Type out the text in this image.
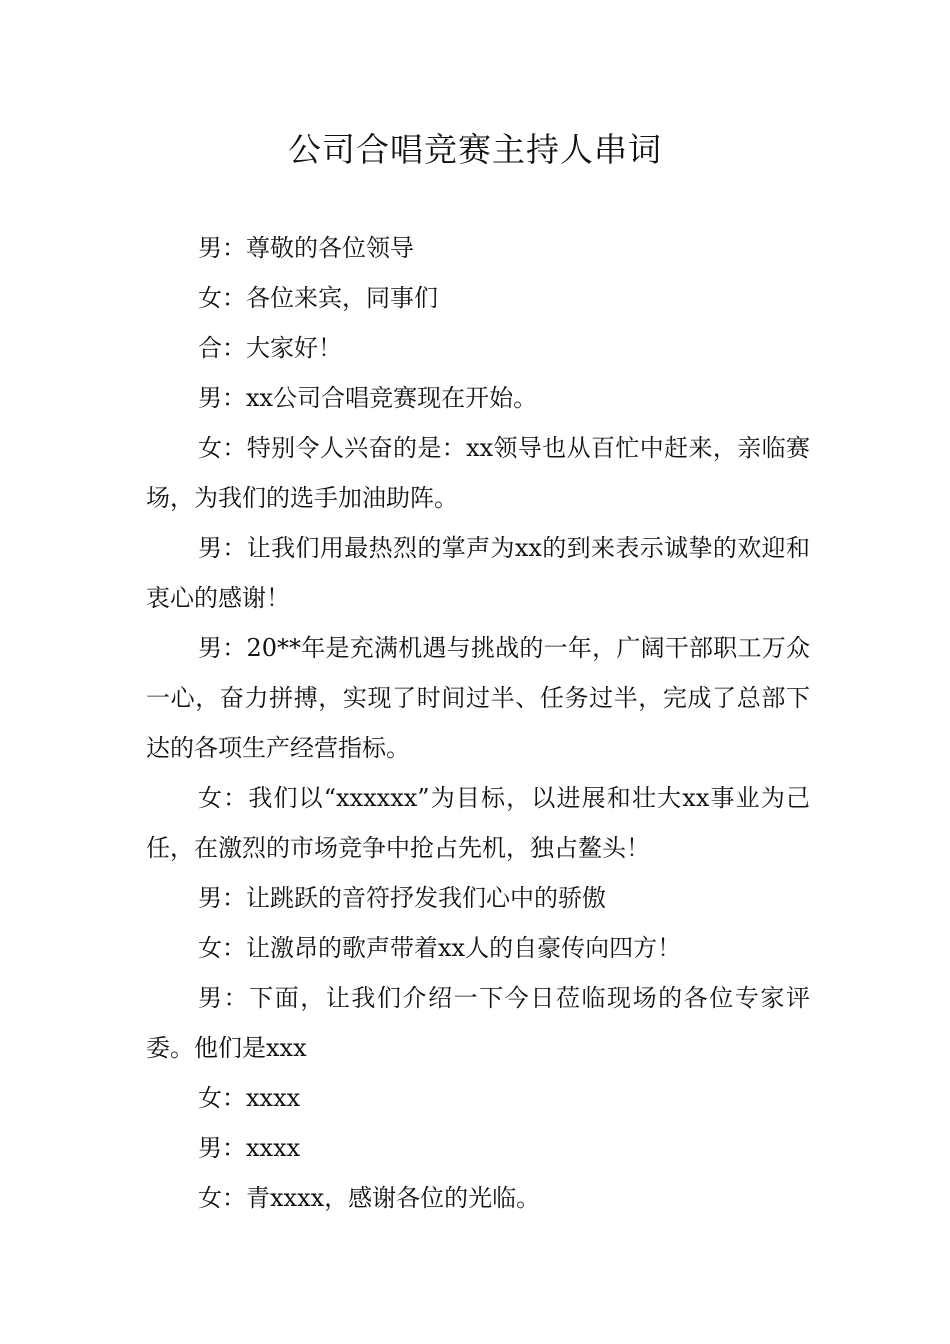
公司合唱竞赛主持人串词

男：尊敬的各位领导

女：各位来宾，同事们

合：大家好！

男：xx公司合唱竞赛现在开始。

女：特别令人兴奋的是：xx领导也从百忙中赶来，亲临赛场，为我们的选手加油助阵。

男：让我们用最热烈的掌声为xx的到来表示诚挚的欢迎和衷心的感谢！

男：20**年是充满机遇与挑战的一年，广阔干部职工万众一心，奋力拼搏，实现了时间过半、任务过半，完成了总部下达的各项生产经营指标。

女：我们以“xxxxxx”为目标，以进展和壮大xx事业为己任，在激烈的市场竞争中抢占先机，独占鳌头！

男：让跳跃的音符抒发我们心中的骄傲

女：让激昂的歌声带着xx人的自豪传向四方！

男：下面，让我们介绍一下今日莅临现场的各位专家评委。他们是xxx

女：xxxx

男：xxxx

女：青xxxx，感谢各位的光临。
